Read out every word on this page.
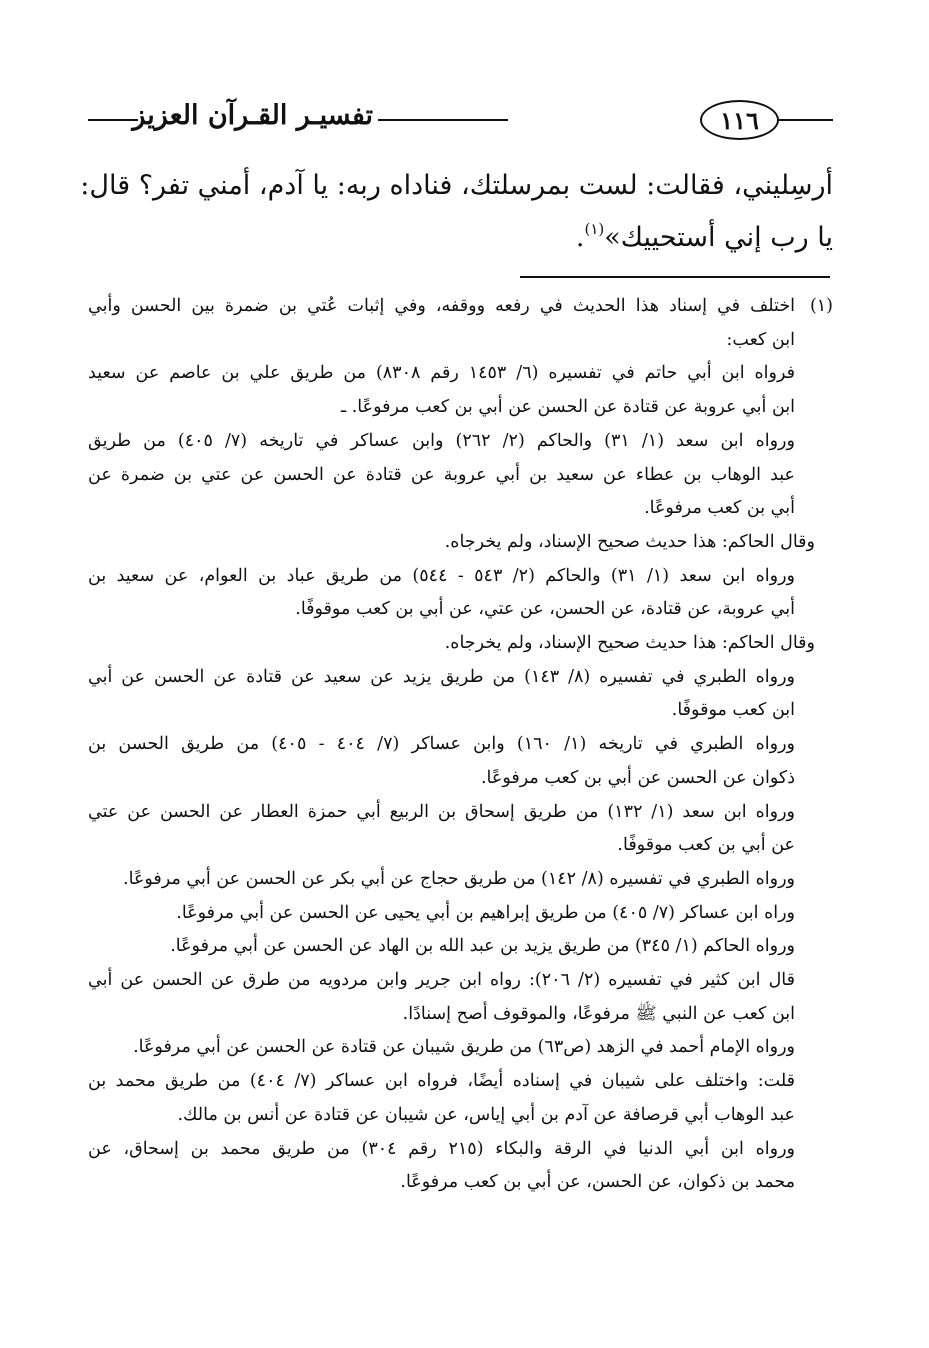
تفسيـر القـرآن العزيز	١١٦
أرسِليني، فقالت: لست بمرسلتك، فناداه ربه: يا آدم، أمني تفر؟ قال:
يا رب إني أستحييك»$^{(١)}$.
(١)اختلف في إسناد هذا الحديث في رفعه ووقفه، وفي إثبات عُتي بن ضمرة بين الحسن وأبي
ابن كعب:
فرواه ابن أبي حاتم في تفسيره (٦/ ١٤٥٣ رقم ٨٣٠٨) من طريق علي بن عاصم عن سعيد
ابن أبي عروبة عن قتادة عن الحسن عن أبي بن كعب مرفوعًا. ـ
ورواه ابن سعد (١/ ٣١) والحاكم (٢/ ٢٦٢) وابن عساكر في تاريخه (٧/ ٤٠٥) من طريق
عبد الوهاب بن عطاء عن سعيد بن أبي عروبة عن قتادة عن الحسن عن عتي بن ضمرة عن
أبي بن كعب مرفوعًا.
وقال الحاكم: هذا حديث صحيح الإسناد، ولم يخرجاه.
ورواه ابن سعد (١/ ٣١) والحاكم (٢/ ٥٤٣ - ٥٤٤) من طريق عباد بن العوام، عن سعيد بن
أبي عروبة، عن قتادة، عن الحسن، عن عتي، عن أبي بن كعب موقوفًا.
وقال الحاكم: هذا حديث صحيح الإسناد، ولم يخرجاه.
ورواه الطبري في تفسيره (٨/ ١٤٣) من طريق يزيد عن سعيد عن قتادة عن الحسن عن أبي
ابن كعب موقوفًا.
ورواه الطبري في تاريخه (١/ ١٦٠) وابن عساكر (٧/ ٤٠٤ - ٤٠٥) من طريق الحسن بن
ذكوان عن الحسن عن أبي بن كعب مرفوعًا.
ورواه ابن سعد (١/ ١٣٢) من طريق إسحاق بن الربيع أبي حمزة العطار عن الحسن عن عتي
عن أبي بن كعب موقوفًا.
ورواه الطبري في تفسيره (٨/ ١٤٢) من طريق حجاج عن أبي بكر عن الحسن عن أبي مرفوعًا.
وراه ابن عساكر (٧/ ٤٠٥) من طريق إبراهيم بن أبي يحيى عن الحسن عن أبي مرفوعًا.
ورواه الحاكم (١/ ٣٤٥) من طريق يزيد بن عبد الله بن الهاد عن الحسن عن أبي مرفوعًا.
قال ابن كثير في تفسيره (٢/ ٢٠٦): رواه ابن جرير وابن مردويه من طرق عن الحسن عن أبي
ابن كعب عن النبي ﷺ مرفوعًا، والموقوف أصح إسنادًا.
ورواه الإمام أحمد في الزهد (ص٦٣) من طريق شيبان عن قتادة عن الحسن عن أبي مرفوعًا.
قلت: واختلف على شيبان في إسناده أيضًا، فرواه ابن عساكر (٧/ ٤٠٤) من طريق محمد بن
عبد الوهاب أبي قرصافة عن آدم بن أبي إياس، عن شيبان عن قتادة عن أنس بن مالك.
ورواه ابن أبي الدنيا في الرقة والبكاء (٢١٥ رقم ٣٠٤) من طريق محمد بن إسحاق، عن
محمد بن ذكوان، عن الحسن، عن أبي بن كعب مرفوعًا.
